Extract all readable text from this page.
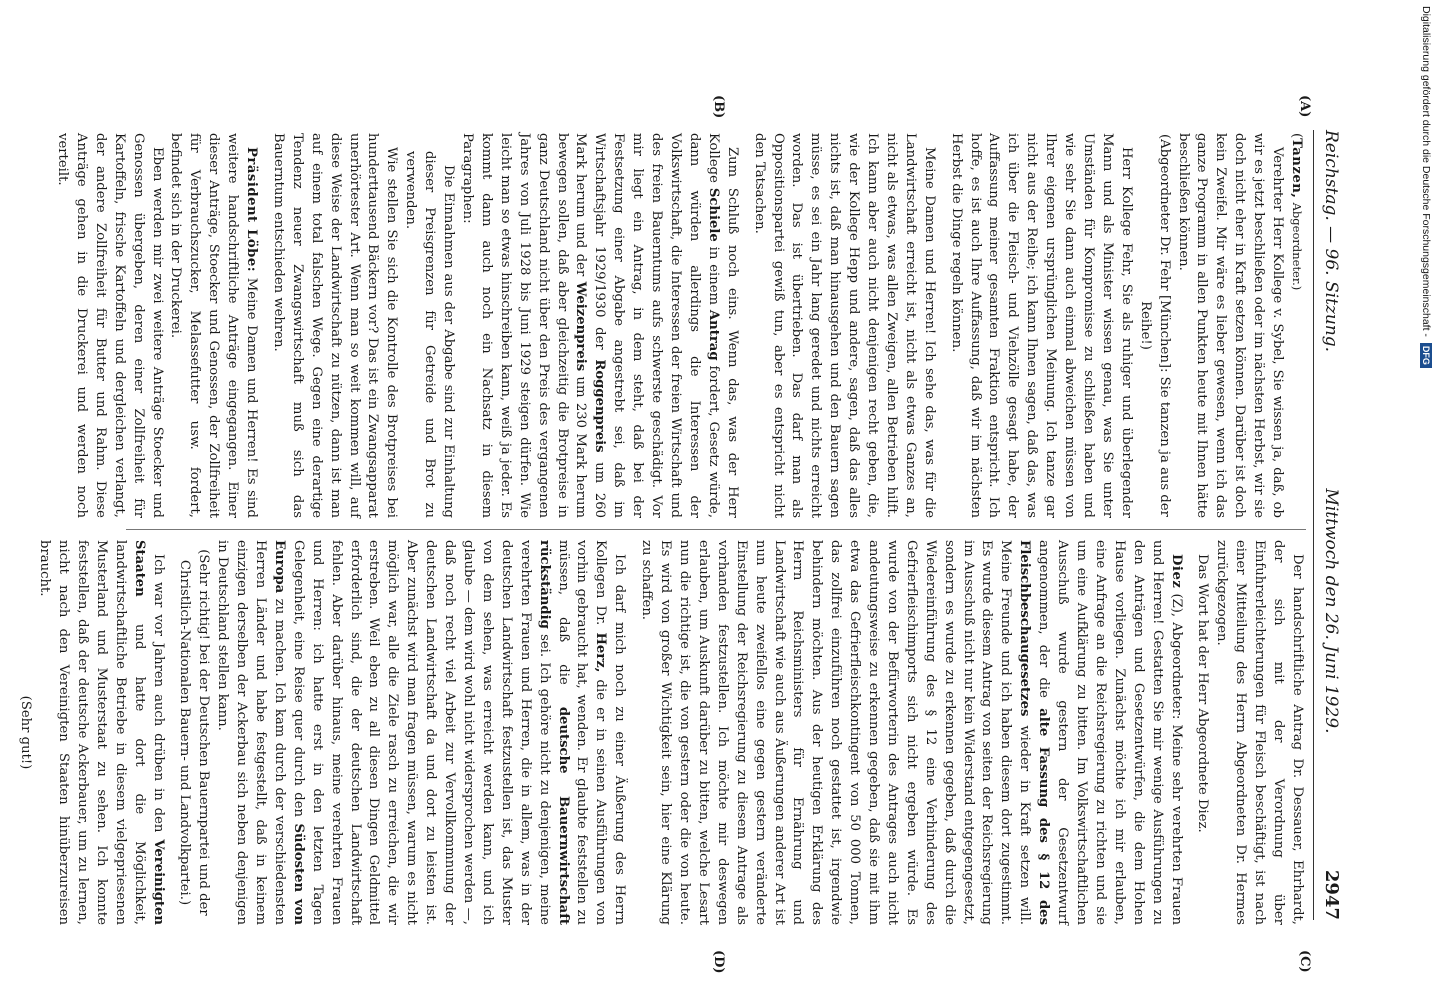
Reichstag. — 96. Sitzung.
Mittwoch den 26. Juni 1929.
2947
(A)
(B)
(C)
(D)

(Tanzen, Abgeordneter.)

Verehrter Herr Kollege v. Sybel, Sie wissen ja, daß, ob wir es jetzt beschließen oder im nächsten Herbst, wir sie doch nicht eher in Kraft setzen können. Darüber ist doch kein Zweifel. Mir wäre es lieber gewesen, wenn ich das ganze Programm in allen Punkten heute mit Ihnen hätte beschließen können.

(Abgeordneter Dr. Fehr [München]: Sie tanzen ja aus der Reihe!)

Herr Kollege Fehr, Sie als ruhiger und überlegender Mann und als Minister wissen genau, was Sie unter Umständen für Kompromisse zu schließen haben und wie sehr Sie dann auch einmal abweichen müssen von Ihrer eigenen ursprünglichen Meinung. Ich tanze gar nicht aus der Reihe; ich kann Ihnen sagen, daß das, was ich über die Fleisch- und Viehzölle gesagt habe, der Auffassung meiner gesamten Fraktion entspricht. Ich hoffe, es ist auch Ihre Auffassung, daß wir im nächsten Herbst die Dinge regeln können.

Meine Damen und Herren! Ich sehe das, was für die Landwirtschaft erreicht ist, nicht als etwas Ganzes an, nicht als etwas, was allen Zweigen, allen Betrieben hilft. Ich kann aber auch nicht denjenigen recht geben, die, wie der Kollege Hepp und andere, sagen, daß das alles nichts ist, daß man hinausgehen und den Bauern sagen müsse, es sei ein Jahr lang geredet und nichts erreicht worden. Das ist übertrieben. Das darf man als Oppositionspartei gewiß tun, aber es entspricht nicht den Tatsachen.

Zum Schluß noch eins. Wenn das, was der Herr Kollege Schiele in einem Antrag fordert, Gesetz würde, dann würden allerdings die Interessen der Volkswirtschaft, die Interessen der freien Wirtschaft und des freien Bauerntums aufs schwerste geschädigt. Vor mir liegt ein Antrag, in dem steht, daß bei der Festsetzung einer Abgabe angestrebt sei, daß im Wirtschaftsjahr 1929/1930 der Roggenpreis um 260 Mark herum und der Weizenpreis um 230 Mark herum bewegen sollen, daß aber gleichzeitig die Brotpreise in ganz Deutschland nicht über den Preis des vergangenen Jahres von Juli 1928 bis Juni 1929 steigen dürfen. Wie leicht man so etwas hinschreiben kann, weiß ja jeder. Es kommt dann auch noch ein Nachsatz in diesem Paragraphen:

Die Einnahmen aus der Abgabe sind zur Einhaltung dieser Preisgrenzen für Getreide und Brot zu verwenden.

Wie stellen Sie sich die Kontrolle des Brotpreises bei hunderttausend Bäckern vor? Das ist ein Zwangsapparat unerhörtester Art. Wenn man so weit kommen will, auf diese Weise der Landwirtschaft zu nützen, dann ist man auf einem total falschen Wege. Gegen eine derartige Tendenz neuer Zwangswirtschaft muß sich das Bauerntum entschieden wehren.

Präsident Löbe: Meine Damen und Herren! Es sind weitere handschriftliche Anträge eingegangen. Einer dieser Anträge, Stoecker und Genossen, der Zollfreiheit für Verbrauchszucker, Melassefutter usw. fordert, befindet sich in der Druckerei.

Eben werden mir zwei weitere Anträge Stoecker und Genossen übergeben, deren einer Zollfreiheit für Kartoffeln, frische Kartoffeln und dergleichen verlangt, der andere Zollfreiheit für Butter und Rahm. Diese Anträge gehen in die Druckerei und werden noch verteilt.

Der handschriftliche Antrag Dr. Dessauer, Ehrhardt, der sich mit der Verordnung über Einfuhrerleichterungen für Fleisch beschäftigt, ist nach einer Mitteilung des Herrn Abgeordneten Dr. Hermes zurückgezogen.

Das Wort hat der Herr Abgeordnete Diez.

Diez (Z), Abgeordneter: Meine sehr verehrten Frauen und Herren! Gestatten Sie mir wenige Ausführungen zu den Anträgen und Gesetzentwürfen, die dem Hohen Hause vorliegen. Zunächst möchte ich mir erlauben, eine Anfrage an die Reichsregierung zu richten und sie um eine Aufklärung zu bitten. Im Volkswirtschaftlichen Ausschuß wurde gestern der Gesetzentwurf angenommen, der die alte Fassung des § 12 des Fleischbeschaugesetzes wieder in Kraft setzen will. Meine Freunde und ich haben diesem dort zugestimmt. Es wurde diesem Antrag von seiten der Reichsregierung im Ausschuß nicht nur kein Widerstand entgegengesetzt, sondern es wurde zu erkennen gegeben, daß durch die Wiedereinführung des § 12 eine Verhinderung des Gefrierfleischimports sich nicht ergeben würde. Es wurde von der Befürworterin des Antrages auch nicht andeutungsweise zu erkennen gegeben, daß sie mit ihm etwa das Gefrierfleischkontingent von 50 000 Tonnen, das zollfrei einzuführen noch gestattet ist, irgendwie behindern möchten. Aus der heutigen Erklärung des Herrn Reichsministers für Ernährung und Landwirtschaft wie auch aus Äußerungen anderer Art ist nun heute zweifellos eine gegen gestern veränderte Einstellung der Reichsregierung zu diesem Antrage als vorhanden festzustellen. Ich möchte mir deswegen erlauben, um Auskunft darüber zu bitten, welche Lesart nun die richtige ist, die von gestern oder die von heute. Es wird von großer Wichtigkeit sein, hier eine Klärung zu schaffen.

Ich darf mich noch zu einer Äußerung des Herrn Kollegen Dr. Herz, die er in seinen Ausführungen von vorhin gebraucht hat, wenden. Er glaubte feststellen zu müssen, daß die deutsche Bauernwirtschaft rückständig sei. Ich gehöre nicht zu denjenigen, meine verehrten Frauen und Herren, die in allem, was in der deutschen Landwirtschaft festzustellen ist, das Muster von dem sehen, was erreicht werden kann, und ich glaube — dem wird wohl nicht widersprochen werden —, daß noch recht viel Arbeit zur Vervollkommnung der deutschen Landwirtschaft da und dort zu leisten ist. Aber zunächst wird man fragen müssen, warum es nicht möglich war, alle die Ziele rasch zu erreichen, die wir erstreben. Weil eben zu all diesen Dingen Geldmittel erforderlich sind, die der deutschen Landwirtschaft fehlen. Aber darüber hinaus, meine verehrten Frauen und Herren: ich hatte erst in den letzten Tagen Gelegenheit, eine Reise quer durch den Südosten von Europa zu machen. Ich kam durch der verschiedensten Herren Länder und habe festgestellt, daß in keinem einzigen derselben der Ackerbau sich neben denjenigen in Deutschland stellen kann.

(Sehr richtig! bei der Deutschen Bauernpartei und der Christlich-Nationalen Bauern- und Landvolkpartei.)

Ich war vor Jahren auch drüben in den Vereinigten Staaten und hatte dort die Möglichkeit, landwirtschaftliche Betriebe in diesem vielgepriesenen Musterland und Musterstaat zu sehen. Ich konnte feststellen, daß der deutsche Ackerbauer, um zu lernen, nicht nach den Vereinigten Staaten hinüberzureisen braucht.

(Sehr gut!)

Digitalisierung gefördert durch die Deutsche Forschungsgemeinschaft -
DFG
